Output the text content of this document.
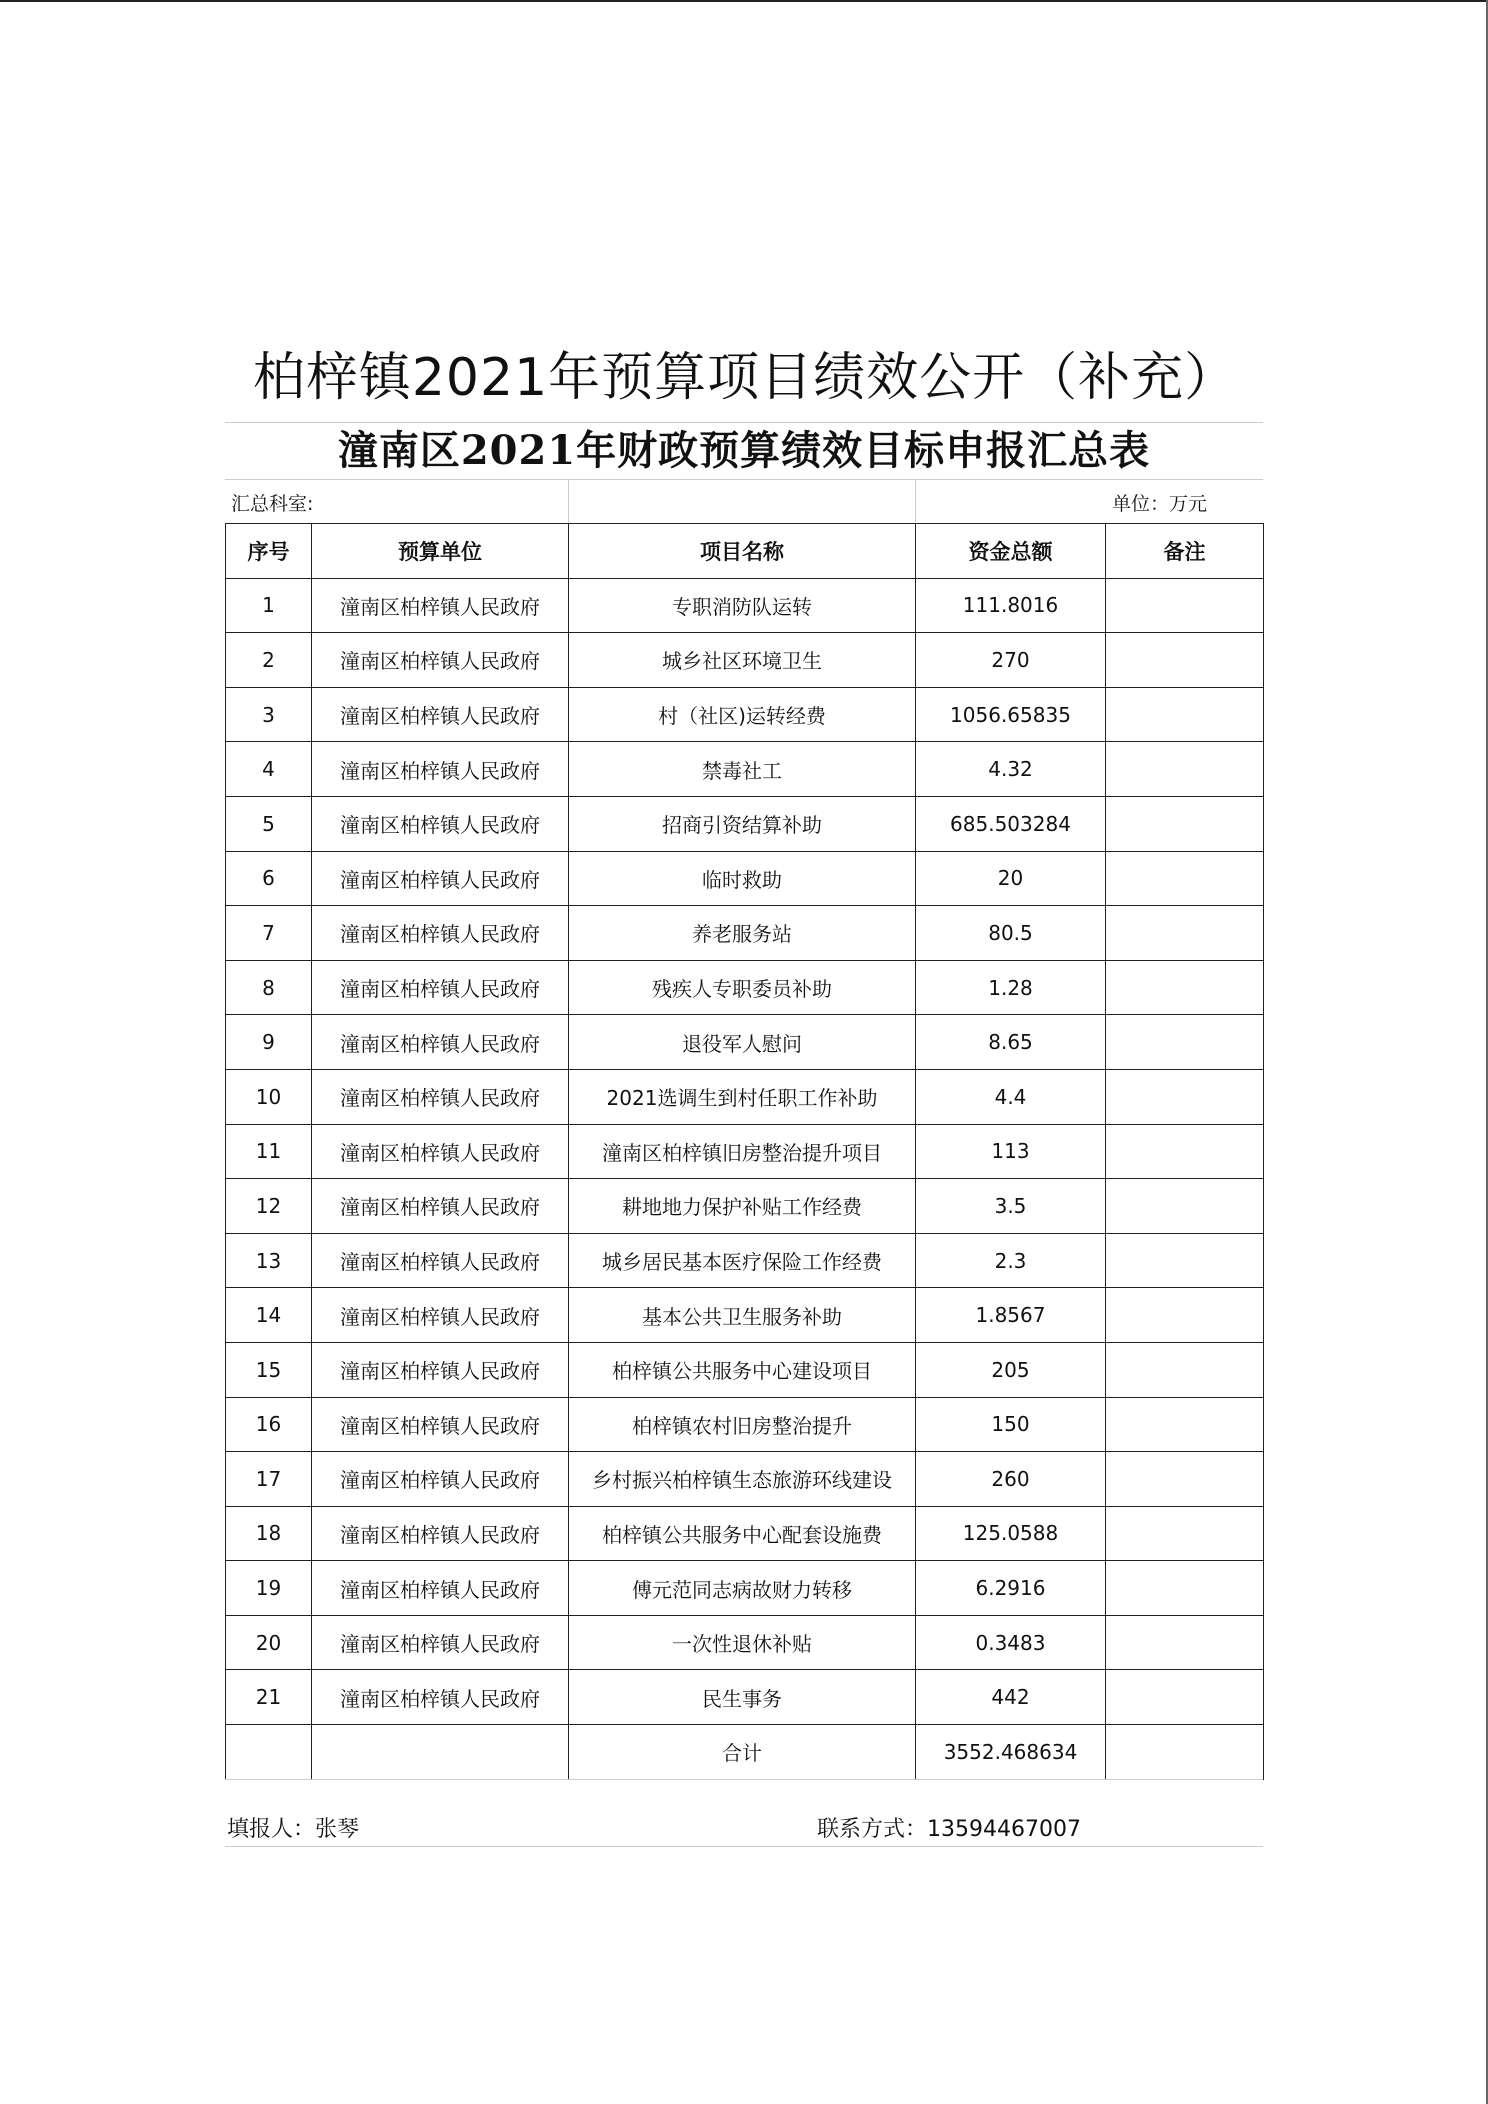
柏梓镇2021年预算项目绩效公开（补充）
潼南区2021年财政预算绩效目标申报汇总表
汇总科室:	单位：万元
序号	预算单位	项目名称	资金总额	备注
1	潼南区柏梓镇人民政府	专职消防队运转	111.8016	
2	潼南区柏梓镇人民政府	城乡社区环境卫生	270	
3	潼南区柏梓镇人民政府	村（社区)运转经费	1056.65835	
4	潼南区柏梓镇人民政府	禁毒社工	4.32	
5	潼南区柏梓镇人民政府	招商引资结算补助	685.503284	
6	潼南区柏梓镇人民政府	临时救助	20	
7	潼南区柏梓镇人民政府	养老服务站	80.5	
8	潼南区柏梓镇人民政府	残疾人专职委员补助	1.28	
9	潼南区柏梓镇人民政府	退役军人慰问	8.65	
10	潼南区柏梓镇人民政府	2021选调生到村任职工作补助	4.4	
11	潼南区柏梓镇人民政府	潼南区柏梓镇旧房整治提升项目	113	
12	潼南区柏梓镇人民政府	耕地地力保护补贴工作经费	3.5	
13	潼南区柏梓镇人民政府	城乡居民基本医疗保险工作经费	2.3	
14	潼南区柏梓镇人民政府	基本公共卫生服务补助	1.8567	
15	潼南区柏梓镇人民政府	柏梓镇公共服务中心建设项目	205	
16	潼南区柏梓镇人民政府	柏梓镇农村旧房整治提升	150	
17	潼南区柏梓镇人民政府	乡村振兴柏梓镇生态旅游环线建设	260	
18	潼南区柏梓镇人民政府	柏梓镇公共服务中心配套设施费	125.0588	
19	潼南区柏梓镇人民政府	傅元范同志病故财力转移	6.2916	
20	潼南区柏梓镇人民政府	一次性退休补贴	0.3483	
21	潼南区柏梓镇人民政府	民生事务	442	
		合计	3552.468634	
填报人：张琴	联系方式：13594467007
